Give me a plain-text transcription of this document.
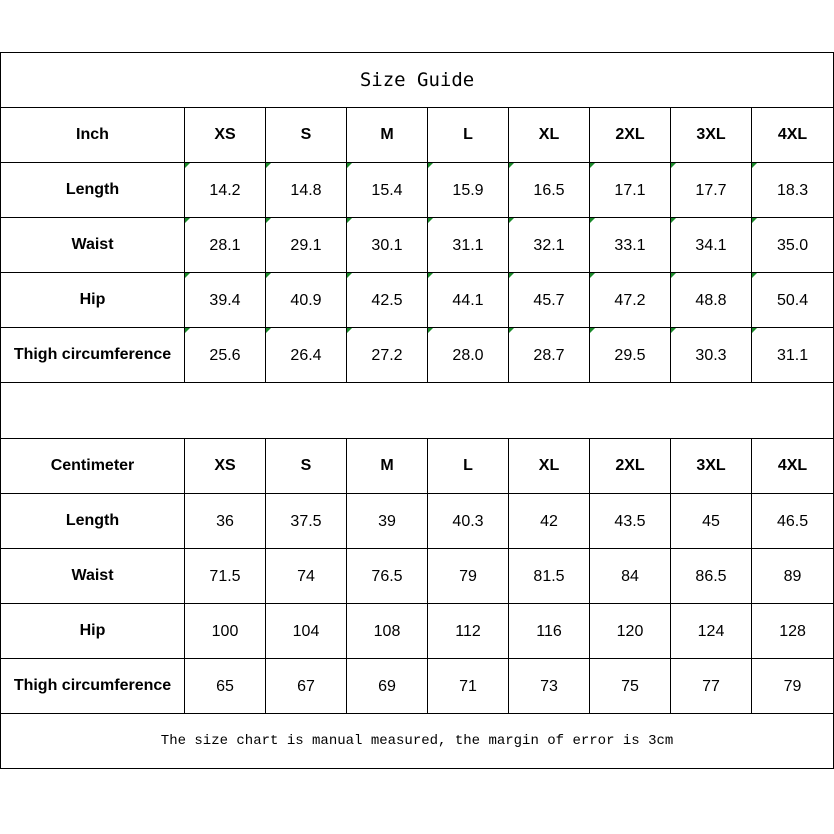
Size Guide								
Inch	XS	S	M	L	XL	2XL	3XL	4XL
Length	14.2	14.8	15.4	15.9	16.5	17.1	17.7	18.3
Waist	28.1	29.1	30.1	31.1	32.1	33.1	34.1	35.0
Hip	39.4	40.9	42.5	44.1	45.7	47.2	48.8	50.4
Thigh circumference	25.6	26.4	27.2	28.0	28.7	29.5	30.3	31.1

Centimeter	XS	S	M	L	XL	2XL	3XL	4XL
Length	36	37.5	39	40.3	42	43.5	45	46.5
Waist	71.5	74	76.5	79	81.5	84	86.5	89
Hip	100	104	108	112	116	120	124	128
Thigh circumference	65	67	69	71	73	75	77	79
The size chart is manual measured, the margin of error is 3cm								
